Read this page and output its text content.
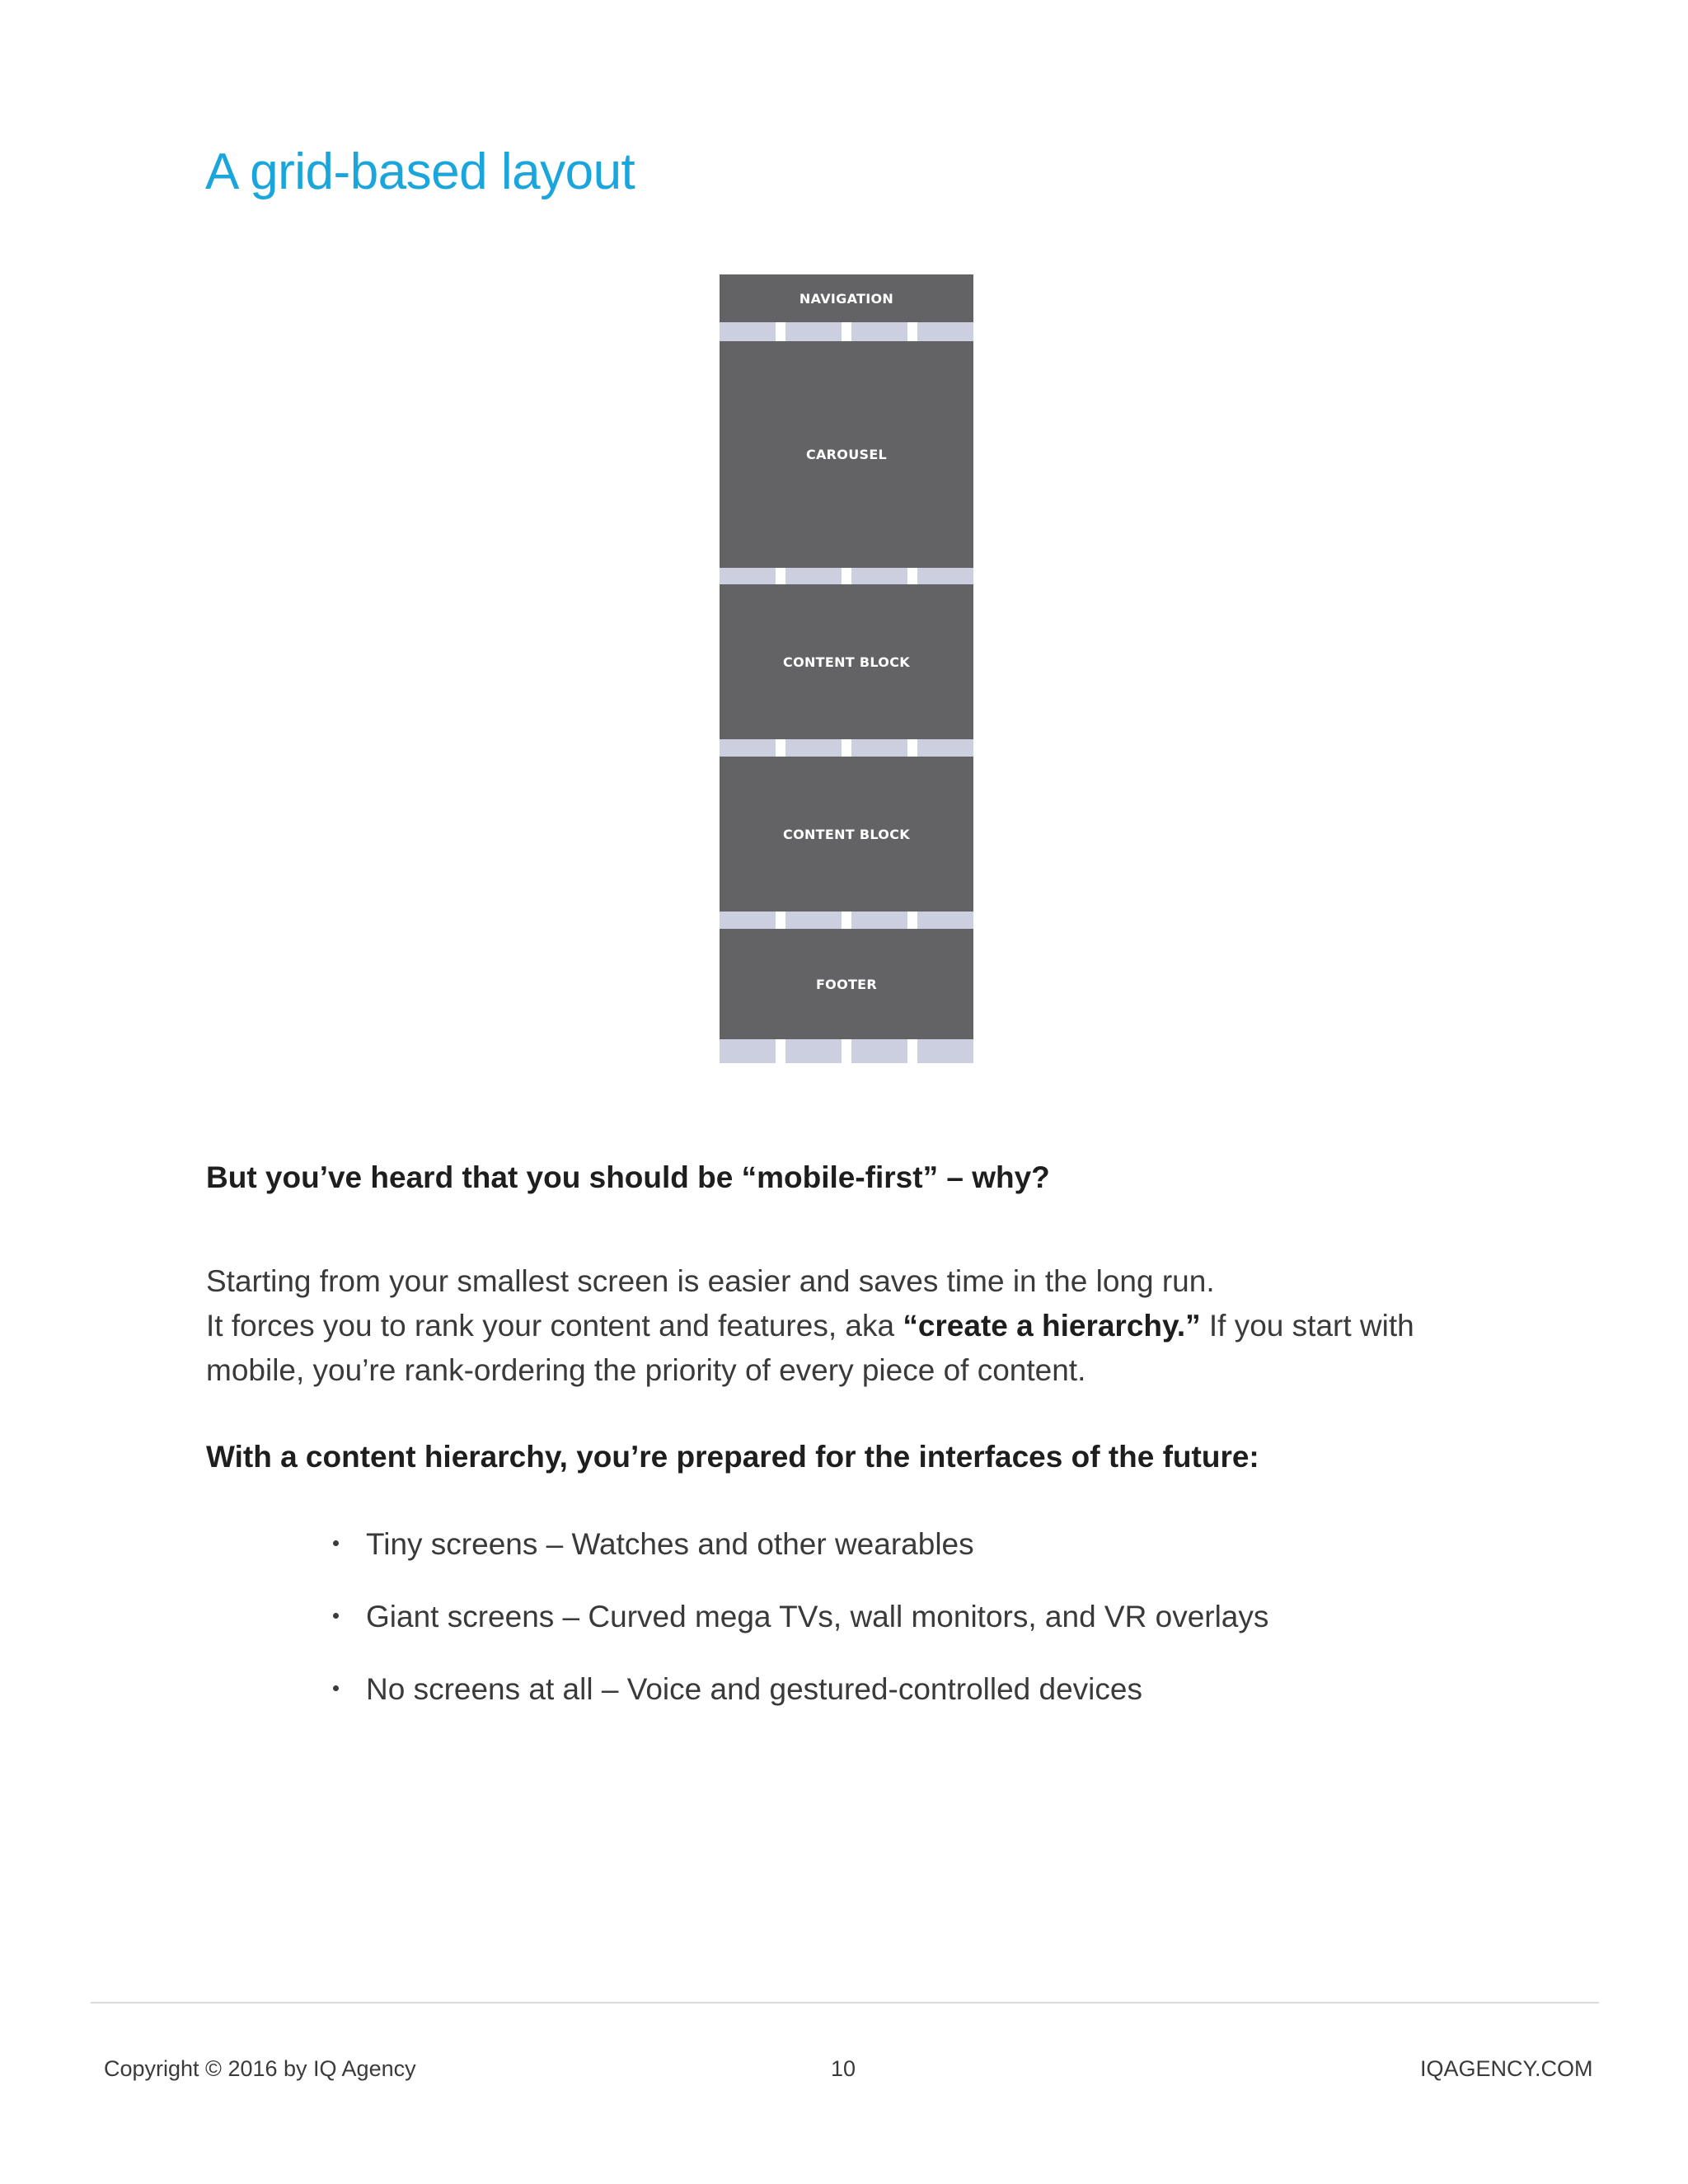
A grid-based layout
NAVIGATION
CAROUSEL
CONTENT BLOCK
CONTENT BLOCK
FOOTER
But you’ve heard that you should be “mobile-first” – why?

Starting from your smallest screen is easier and saves time in the long run.
It forces you to rank your content and features, aka “create a hierarchy.” If you start with
mobile, you’re rank-ordering the priority of every piece of content.

With a content hierarchy, you’re prepared for the interfaces of the future:
Tiny screens – Watches and other wearables
Giant screens – Curved mega TVs, wall monitors, and VR overlays
No screens at all – Voice and gestured-controlled devices
Copyright © 2016 by IQ Agency	10	IQAGENCY.COM
